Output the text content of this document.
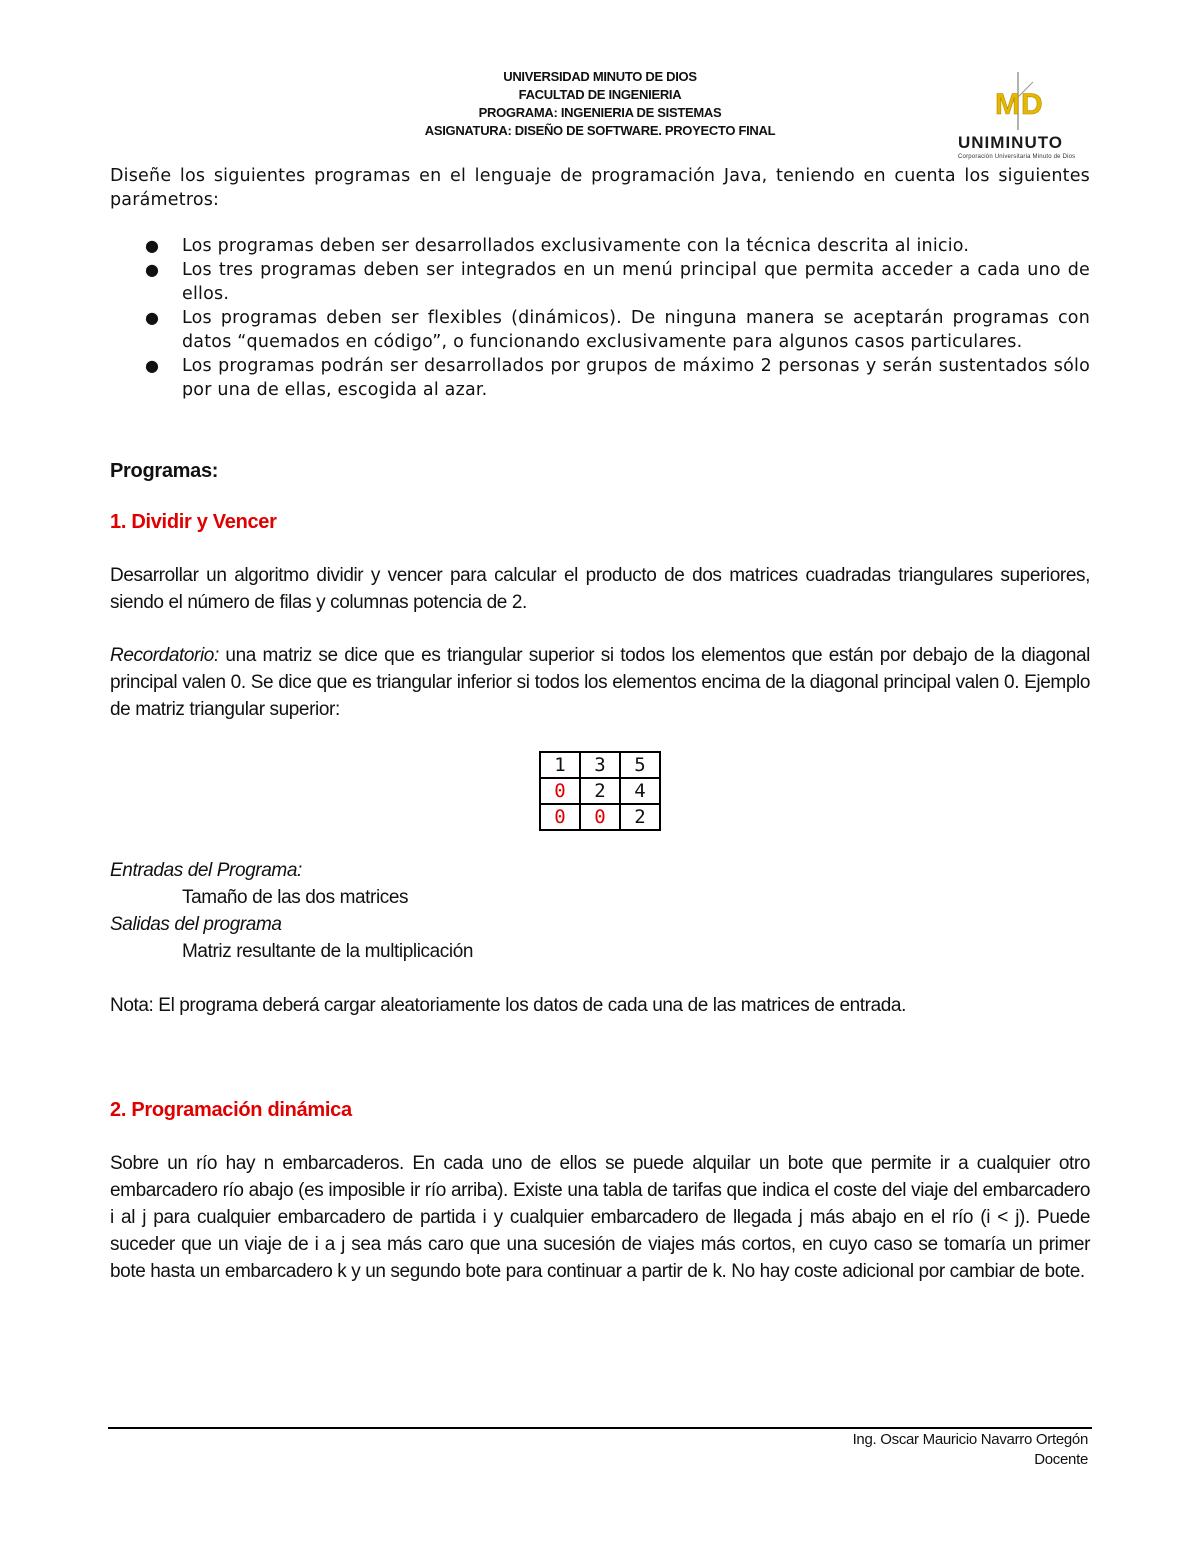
UNIVERSIDAD MINUTO DE DIOS
FACULTAD DE INGENIERIA
PROGRAMA: INGENIERIA DE SISTEMAS
ASIGNATURA: DISEÑO DE SOFTWARE. PROYECTO FINAL
M D
UNIMINUTO
Corporación Universitaria Minuto de Dios

Diseñe los siguientes programas en el lenguaje de programación Java, teniendo en cuenta los siguientes parámetros:

● Los programas deben ser desarrollados exclusivamente con la técnica descrita al inicio.
● Los tres programas deben ser integrados en un menú principal que permita acceder a cada uno de ellos.
● Los programas deben ser flexibles (dinámicos). De ninguna manera se aceptarán programas con datos “quemados en código”, o funcionando exclusivamente para algunos casos particulares.
● Los programas podrán ser desarrollados por grupos de máximo 2 personas y serán sustentados sólo por una de ellas, escogida al azar.
Programas:
1. Dividir y Vencer

Desarrollar un algoritmo dividir y vencer para calcular el producto de dos matrices cuadradas triangulares superiores, siendo el número de filas y columnas potencia de 2.

Recordatorio: una matriz se dice que es triangular superior si todos los elementos que están por debajo de la diagonal principal valen 0. Se dice que es triangular inferior si todos los elementos encima de la diagonal principal valen 0. Ejemplo de matriz triangular superior:

1	3	5
0	2	4
0	0	2

Entradas del Programa:

Tamaño de las dos matrices

Salidas del programa

Matriz resultante de la multiplicación

Nota: El programa deberá cargar aleatoriamente los datos de cada una de las matrices de entrada.

2. Programación dinámica

Sobre un río hay n embarcaderos. En cada uno de ellos se puede alquilar un bote que permite ir a cualquier otro embarcadero río abajo (es imposible ir río arriba). Existe una tabla de tarifas que indica el coste del viaje del embarcadero i al j para cualquier embarcadero de partida i y cualquier embarcadero de llegada j más abajo en el río (i < j). Puede suceder que un viaje de i a j sea más caro que una sucesión de viajes más cortos, en cuyo caso se tomaría un primer bote hasta un embarcadero k y un segundo bote para continuar a partir de k. No hay coste adicional por cambiar de bote.

Ing. Oscar Mauricio Navarro Ortegón
Docente
